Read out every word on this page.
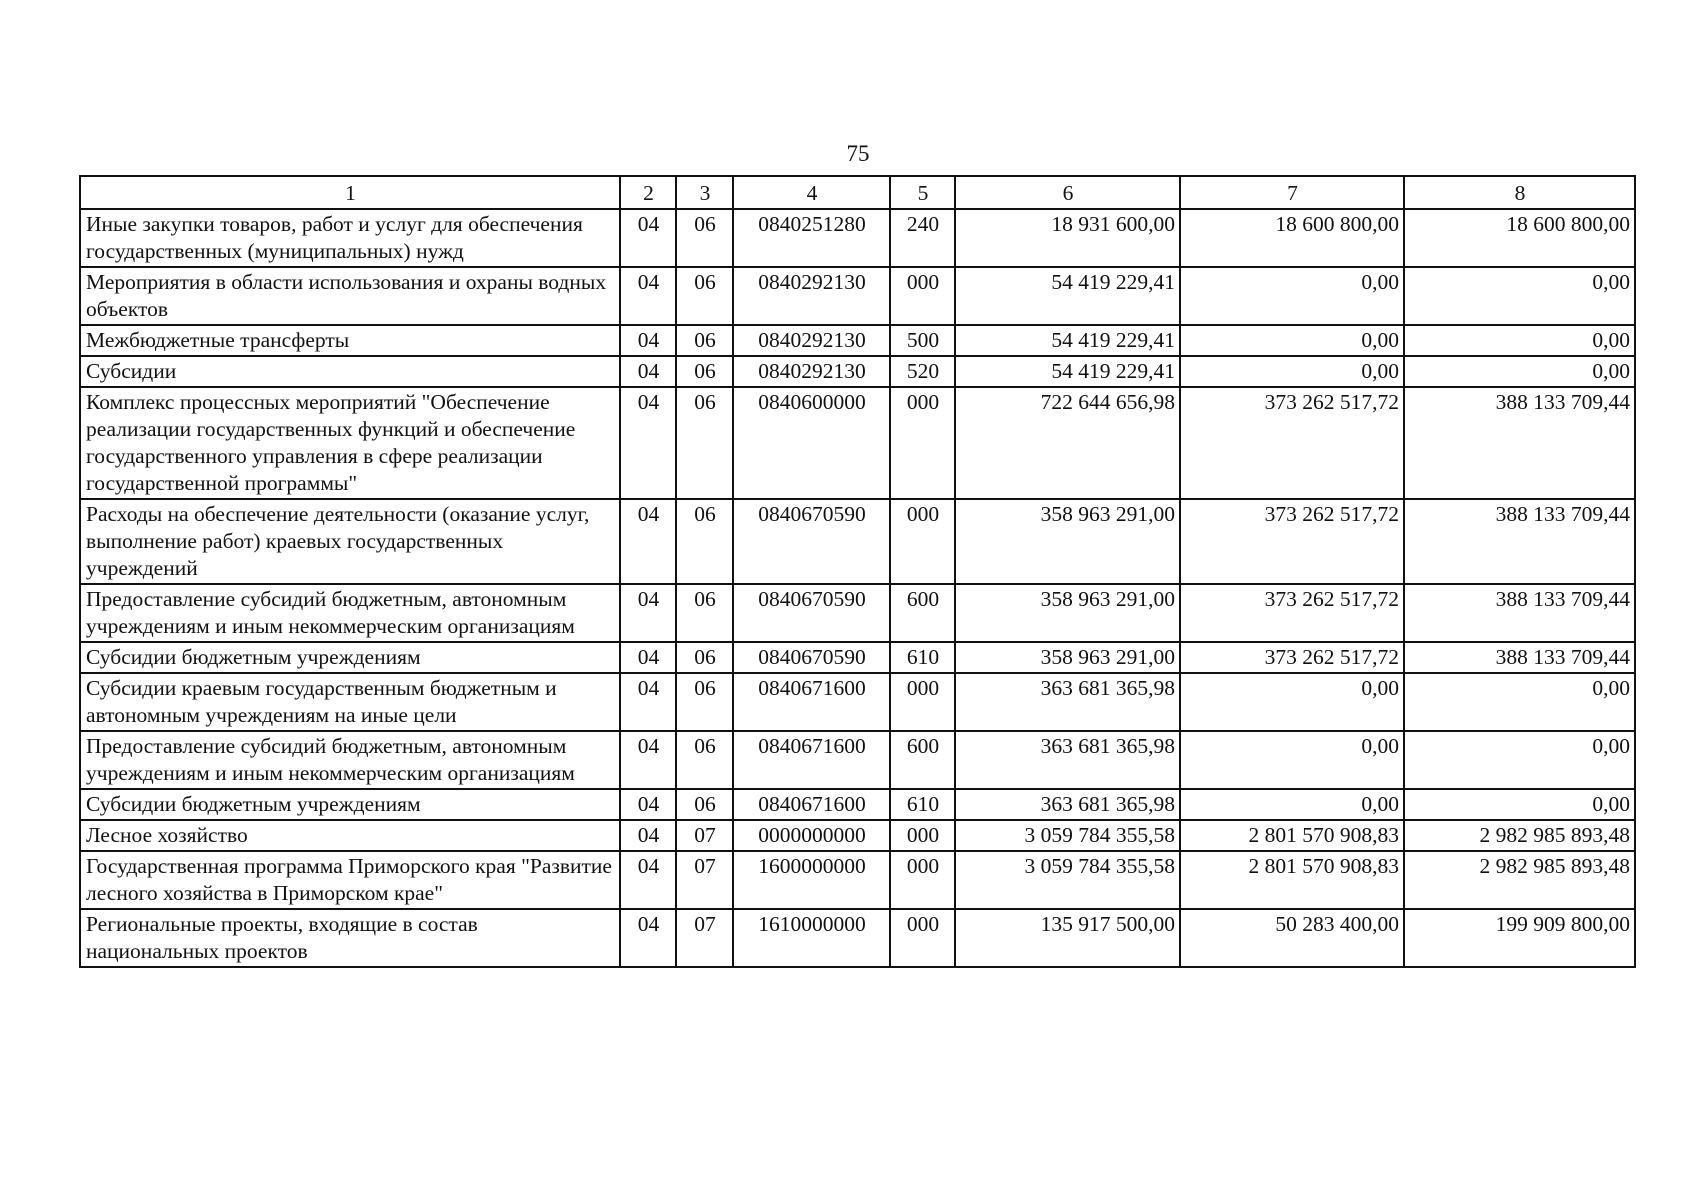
75
1	2	3	4	5	6	7	8
Иные закупки товаров, работ и услуг для обеспечения государственных (муниципальных) нужд	04	06	0840251280	240	18 931 600,00	18 600 800,00	18 600 800,00
Мероприятия в области использования и охраны водных объектов	04	06	0840292130	000	54 419 229,41	0,00	0,00
Межбюджетные трансферты	04	06	0840292130	500	54 419 229,41	0,00	0,00
Субсидии	04	06	0840292130	520	54 419 229,41	0,00	0,00
Комплекс процессных мероприятий "Обеспечение реализации государственных функций и обеспечение государственного управления в сфере реализации государственной программы"	04	06	0840600000	000	722 644 656,98	373 262 517,72	388 133 709,44
Расходы на обеспечение деятельности (оказание услуг, выполнение работ) краевых государственных учреждений	04	06	0840670590	000	358 963 291,00	373 262 517,72	388 133 709,44
Предоставление субсидий бюджетным, автономным учреждениям и иным некоммерческим организациям	04	06	0840670590	600	358 963 291,00	373 262 517,72	388 133 709,44
Субсидии бюджетным учреждениям	04	06	0840670590	610	358 963 291,00	373 262 517,72	388 133 709,44
Субсидии краевым государственным бюджетным и автономным учреждениям на иные цели	04	06	0840671600	000	363 681 365,98	0,00	0,00
Предоставление субсидий бюджетным, автономным учреждениям и иным некоммерческим организациям	04	06	0840671600	600	363 681 365,98	0,00	0,00
Субсидии бюджетным учреждениям	04	06	0840671600	610	363 681 365,98	0,00	0,00
Лесное хозяйство	04	07	0000000000	000	3 059 784 355,58	2 801 570 908,83	2 982 985 893,48
Государственная программа Приморского края "Развитие лесного хозяйства в Приморском крае"	04	07	1600000000	000	3 059 784 355,58	2 801 570 908,83	2 982 985 893,48
Региональные проекты, входящие в состав национальных проектов	04	07	1610000000	000	135 917 500,00	50 283 400,00	199 909 800,00
